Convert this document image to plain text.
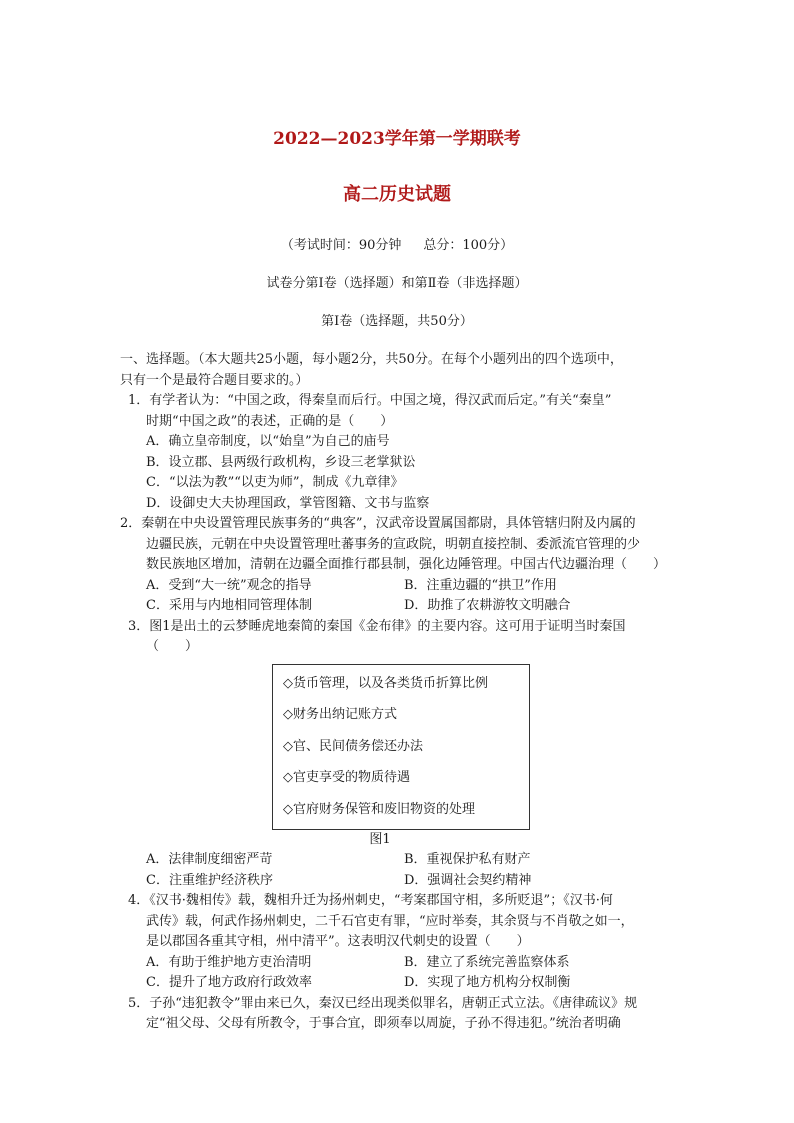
2022—2023学年第一学期联考
高二历史试题
（考试时间：90分钟 总分：100分）
试卷分第Ⅰ卷（选择题）和第Ⅱ卷（非选择题）
第Ⅰ卷（选择题，共50分）

一、选择题。（本大题共25小题，每小题2分，共50分。在每个小题列出的四个选项中，

只有一个是最符合题目要求的。）

1．有学者认为：“中国之政，得秦皇而后行。中国之境，得汉武而后定。”有关“秦皇”

时期“中国之政”的表述，正确的是（　　）

A．确立皇帝制度，以“始皇”为自己的庙号

B．设立郡、县两级行政机构，乡设三老掌狱讼

C．“以法为教”“以吏为师”，制成《九章律》

D．设御史大夫协理国政，掌管图籍、文书与监察

2．秦朝在中央设置管理民族事务的“典客”，汉武帝设置属国都尉，具体管辖归附及内属的

边疆民族，元朝在中央设置管理吐蕃事务的宣政院，明朝直接控制、委派流官管理的少

数民族地区增加，清朝在边疆全面推行郡县制，强化边陲管理。中国古代边疆治理（　　）

A．受到“大一统”观念的指导	B．注重边疆的“拱卫”作用
C．采用与内地相同管理体制	D．助推了农耕游牧文明融合

3．图1是出土的云梦睡虎地秦简的秦国《金布律》的主要内容。这可用于证明当时秦国

（　　）

◇货币管理，以及各类货币折算比例
◇财务出纳记账方式
◇官、民间债务偿还办法
◇官吏享受的物质待遇
◇官府财务保管和废旧物资的处理
图1
A．法律制度细密严苛	B．重视保护私有财产
C．注重维护经济秩序	D．强调社会契约精神

4．《汉书·魏相传》载，魏相升迁为扬州刺史，“考案郡国守相，多所贬退”；《汉书·何

武传》载，何武作扬州刺史，二千石官吏有罪，“应时举奏，其余贤与不肖敬之如一，

是以郡国各重其守相，州中清平”。这表明汉代刺史的设置（　　）

A．有助于维护地方吏治清明	B．建立了系统完善监察体系
C．提升了地方政府行政效率	D．实现了地方机构分权制衡

5．子孙“违犯教令”罪由来已久，秦汉已经出现类似罪名，唐朝正式立法。《唐律疏议》规

定“祖父母、父母有所教令，于事合宜，即须奉以周旋，子孙不得违犯。”统治者明确
